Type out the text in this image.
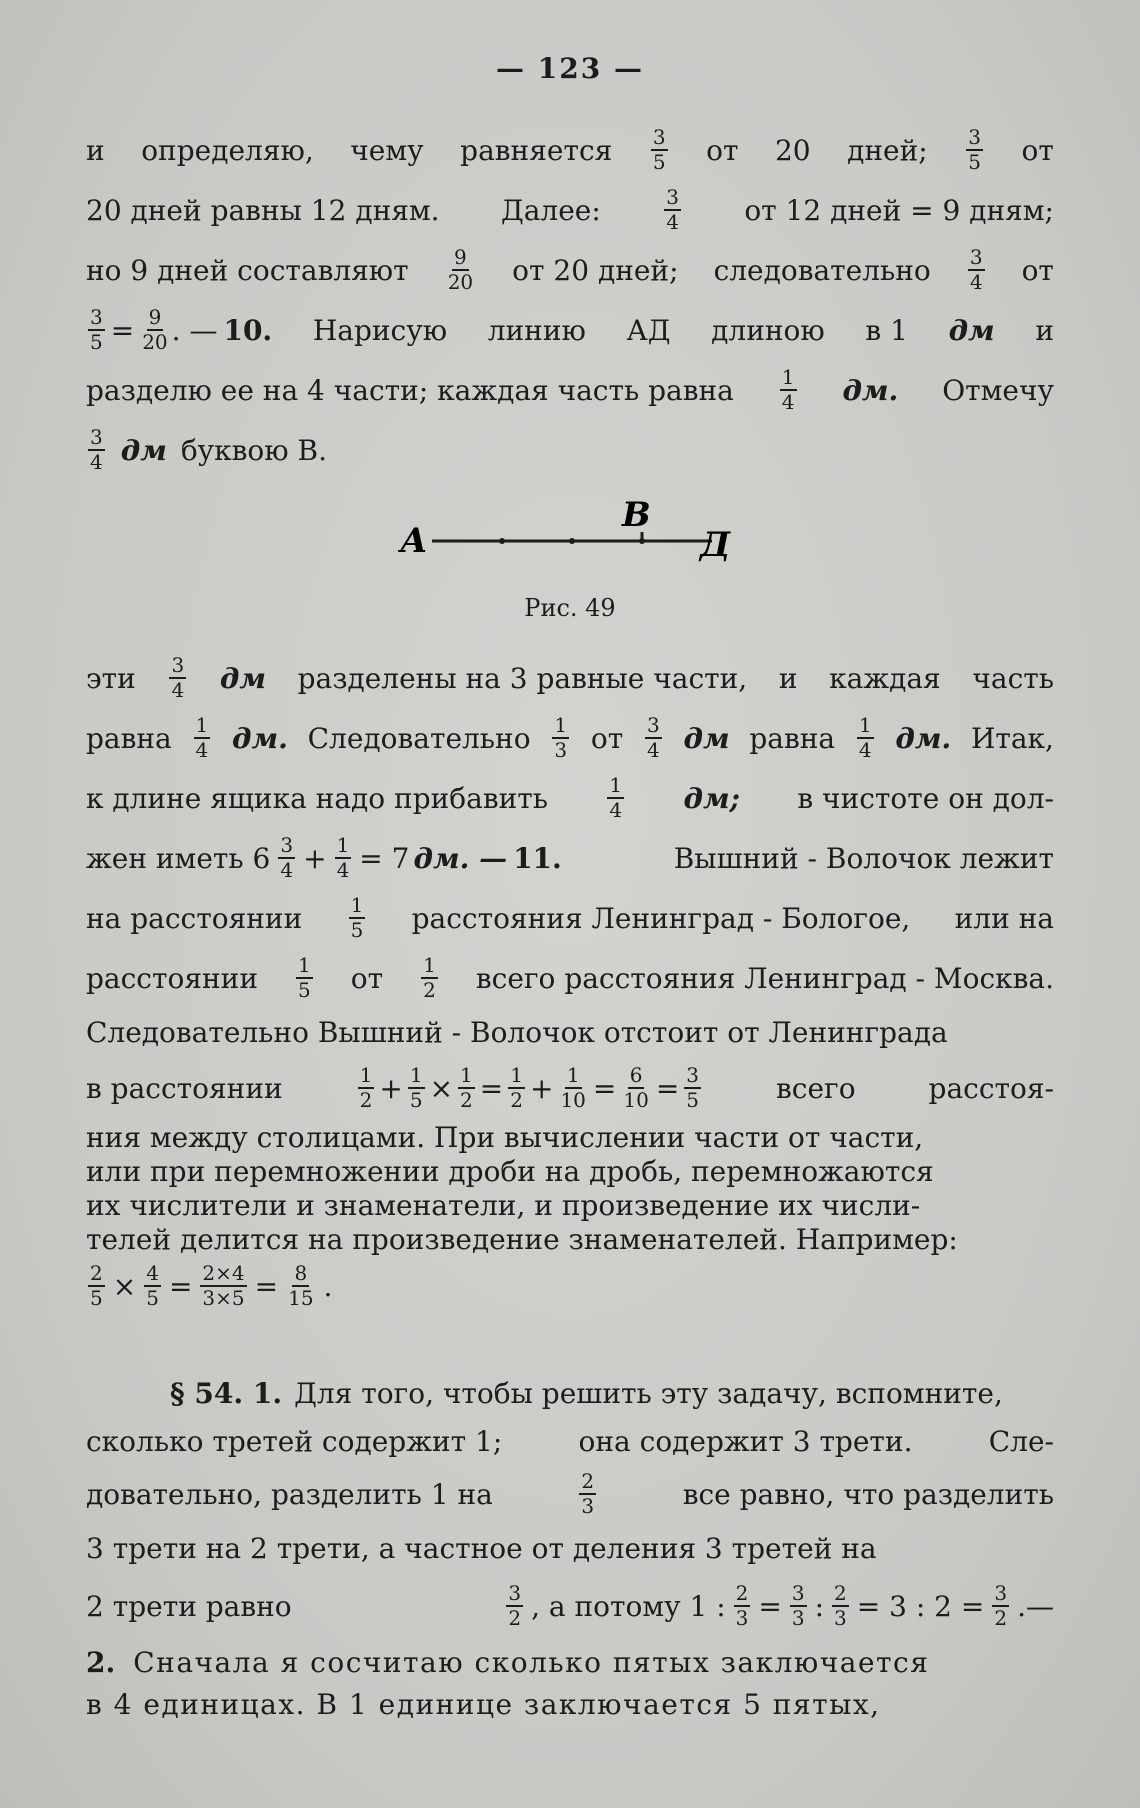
— 123 —
и определяю, чему равняется $\frac{3}{5}$ от 20 дней; $\frac{3}{5}$ от
20 дней равны 12 дням. Далее:	$\frac{3}{4}$ от 12 дней = 9 дням;
но 9 дней составляют $\frac{9}{20}$ от 20 дней; следовательно $\frac{3}{4}$ от
$\frac{3}{5} = \frac{9}{20}$ . — 10. Нарисую линию АД длиною в 1 дм и
разделю ее на 4 части; каждая часть равна $\frac{1}{4}$ дм. Отмечу
$\frac{3}{4}$ дм буквою В.
А
В
Д
Рис. 49
эти $\frac{3}{4}$ дм разделены на 3 равные части, и каждая часть
равна $\frac{1}{4}$ дм. Следовательно $\frac{1}{3}$ от $\frac{3}{4}$ дм равна $\frac{1}{4}$ дм. Итак,
к длине ящика надо прибавить	$\frac{1}{4}$ дм; в чистоте он дол-
жен иметь $6 \frac{3}{4} + \frac{1}{4} = 7$ дм. — 11.	Вышний - Волочок лежит
на расстоянии $\frac{1}{5}$ расстояния Ленинград - Бологое, или на
расстоянии $\frac{1}{5}$ от $\frac{1}{2}$ всего расстояния Ленинград - Москва.
Следовательно Вышний - Волочок отстоит от Ленинграда
в расстоянии	$\frac{1}{2} + \frac{1}{5} \times \frac{1}{2} = \frac{1}{2} + \frac{1}{10} = \frac{6}{10} = \frac{3}{5}$	всего	расстоя-
ния между столицами. При вычислении части от части,
или при перемножении дроби на дробь, перемножаются
их числители и знаменатели, и произведение их числи-
телей делится на произведение знаменателей. Например:
$\frac{2}{5} \times \frac{4}{5} = \frac{2\times 4}{3\times 5} = \frac{8}{15}$ .
§ 54. 1. Для того, чтобы решить эту задачу, вспомните,
сколько третей содержит 1;	она содержит 3 трети.	Сле-
довательно, разделить 1 на	$\frac{2}{3}$	все равно, что разделить
3 трети на 2 трети, а частное от деления 3 третей на
2 трети равно	$\frac{3}{2}$ , а потому 1 : $\frac{2}{3} = \frac{3}{3}$ : $\frac{2}{3} = 3$ : $2 = \frac{3}{2}$ .—
2. Сначала я сосчитаю сколько пятых заключается
в 4 единицах. В 1 единице заключается 5 пятых,
